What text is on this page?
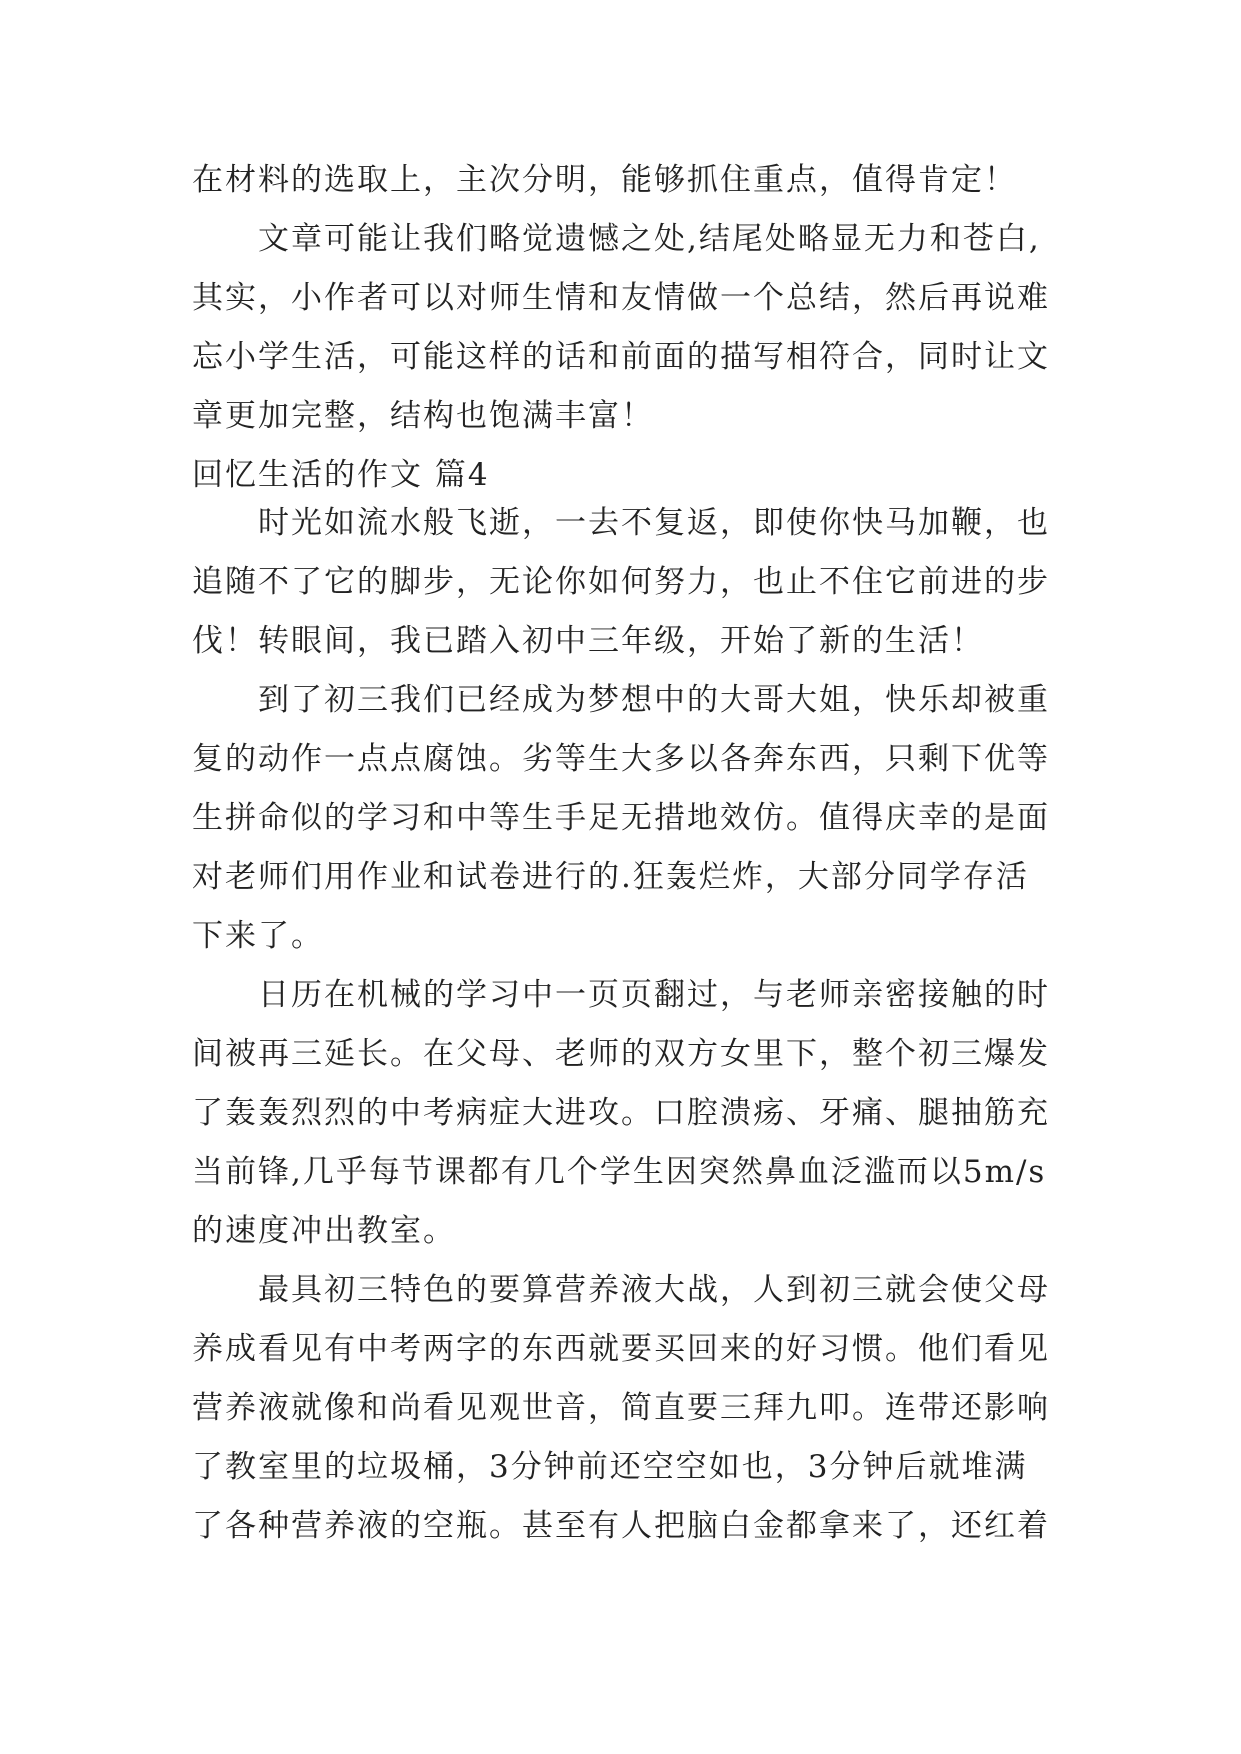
在材料的选取上，主次分明，能够抓住重点，值得肯定！
文章可能让我们略觉遗憾之处,结尾处略显无力和苍白,
其实，小作者可以对师生情和友情做一个总结，然后再说难
忘小学生活，可能这样的话和前面的描写相符合，同时让文
章更加完整，结构也饱满丰富！
回忆生活的作文 篇4
时光如流水般飞逝，一去不复返，即使你快马加鞭，也
追随不了它的脚步，无论你如何努力，也止不住它前进的步
伐！转眼间，我已踏入初中三年级，开始了新的生活！
到了初三我们已经成为梦想中的大哥大姐，快乐却被重
复的动作一点点腐蚀。劣等生大多以各奔东西，只剩下优等
生拼命似的学习和中等生手足无措地效仿。值得庆幸的是面
对老师们用作业和试卷进行的.狂轰烂炸，大部分同学存活
下来了。
日历在机械的学习中一页页翻过，与老师亲密接触的时
间被再三延长。在父母、老师的双方女里下，整个初三爆发
了轰轰烈烈的中考病症大进攻。口腔溃疡、牙痛、腿抽筋充
当前锋,几乎每节课都有几个学生因突然鼻血泛滥而以5m/s
的速度冲出教室。
最具初三特色的要算营养液大战，人到初三就会使父母
养成看见有中考两字的东西就要买回来的好习惯。他们看见
营养液就像和尚看见观世音，简直要三拜九叩。连带还影响
了教室里的垃圾桶，3分钟前还空空如也，3分钟后就堆满
了各种营养液的空瓶。甚至有人把脑白金都拿来了，还红着
